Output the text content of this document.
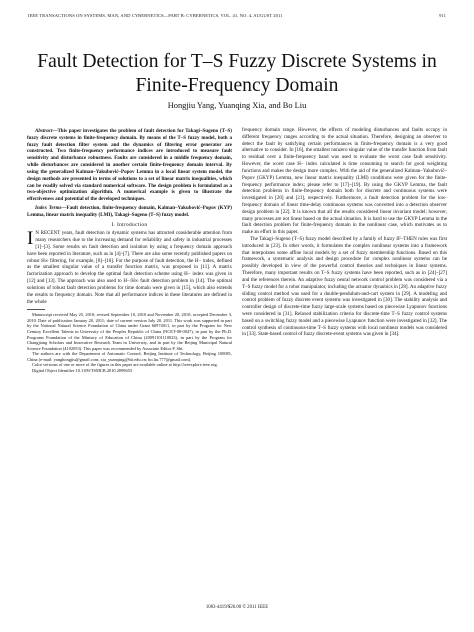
IEEE TRANSACTIONS ON SYSTEMS, MAN, AND CYBERNETICS—PART B: CYBERNETICS, VOL. 41, NO. 4, AUGUST 2011	911
Fault Detection for T–S Fuzzy Discrete Systems in
Finite-Frequency Domain
Hongjiu Yang, Yuanqing Xia, and Bo Liu

Abstract—This paper investigates the problem of fault detection for Takagi–Sugeno (T–S) fuzzy discrete systems in finite-frequency domain. By means of the T–S fuzzy model, both a fuzzy fault detection filter system and the dynamics of filtering error generator are constructed. Two finite-frequency performance indices are introduced to measure fault sensitivity and disturbance robustness. Faults are considered in a middle frequency domain, while disturbances are considered in another certain finite-frequency domain interval. By using the generalized Kalman–Yakubovič–Popov Lemma in a local linear system model, the design methods are presented in terms of solutions to a set of linear matrix inequalities, which can be readily solved via standard numerical software. The design problem is formulated as a two-objective optimization algorithm. A numerical example is given to illustrate the effectiveness and potential of the developed techniques.

Index Terms—Fault detection, finite-frequency domain, Kalman–Yakubovič–Popov (KYP) Lemma, linear matrix inequality (LMI), Takagi–Sugeno (T–S) fuzzy model.

I. Introduction

I N RECENT years, fault detection in dynamic systems has attracted considerable attention from many researchers due to the increasing demand for reliability and safety in industrial processes [1]–[3]. Some results on fault detection and isolation by using a frequency domain approach have been reported in literature, such as in [4]–[7]. There are also some recently published papers on robust H∞ filtering, for example, [8]–[10]. For the purpose of fault detection, the H− index, defined as the smallest singular value of a transfer function matrix, was proposed in [11]. A matrix factorization approach to develop the optimal fault detection scheme using H− index was given in [12] and [13]. The approach was also used to H−/H∞ fault detection problem in [14]. The optimal solutions of robust fault detection problems for time domain were given in [15], which also extends the results to frequency domain. Note that all performance indices in these literatures are defined in the whole

Manuscript received May 25, 2010; revised September 10, 2010 and November 20, 2010; accepted December 3, 2010. Date of publication January 20, 2011; date of current version July 20, 2011. This work was supported in part by the National Natural Science Foundation of China under Grant 60974011, in part by the Program for New Century Excellent Talents in University of the Peoples Republic of China (NCET-08-0047), in part by the Ph.D. Programs Foundation of the Ministry of Education of China (20091101110023), in part by the Program for Changjiang Scholars and Innovative Research Team in University, and in part by the Beijing Municipal Natural Science Foundation (4102053). This paper was recommended by Associate Editor P. Shi.

The authors are with the Department of Automatic Control, Beijing Institute of Technology, Beijing 100081, China (e-mail: yanghongjiu@gmail.com; xia_yuanqing@bit.edu.cn; bo.liu.777@gmail.com).

Color versions of one or more of the figures in this paper are available online at http://ieeexplore.ieee.org.

Digital Object Identifier 10.1109/TSMCB.2010.2099653

frequency domain range. However, the effects of modeling disturbances and faults occupy in different frequency ranges according to the actual situation. Therefore, designing an observer to detect the fault by satisfying certain performances in finite-frequency domain is a very good alternative to consider. In [16], the smallest nonzero singular value of the transfer function from fault to residual over a finite-frequency band was used to evaluate the worst case fault sensitivity. However, the worst case H− index calculated is time consuming to search for good weighting functions and makes the design more complex. With the aid of the generalized Kalman–Yakubovič–Popov (GKYP) Lemma, new linear matrix inequality (LMI) conditions were given for the finite-frequency performance index; please refer to [17]–[19]. By using the GKYP Lemma, the fault detection problems in finite-frequency domain both for discrete and continuous systems were investigated in [20] and [21], respectively. Furthermore, a fault detection problem for the low-frequency domain of linear time-delay continuous systems was converted into a detection observer design problem in [22]. It is known that all the results considered linear invariant model; however, many processes are not linear based on the actual situation. It is hard to use the GKYP Lemma in the fault detection problem for finite-frequency domain in the nonlinear case, which motivates us to make an effort in this paper.

The Takagi–Sugeno (T–S) fuzzy model described by a family of fuzzy IF–THEN rules was first introduced in [23]. In other words, it formulates the complex nonlinear systems into a framework that interpolates some affine local models by a set of fuzzy membership functions. Based on this framework, a systematic analysis and design procedure for complex nonlinear systems can be possibly developed in view of the powerful control theories and techniques in linear systems. Therefore, many important results on T–S fuzzy systems have been reported, such as in [24]–[27] and the references therein. An adaptive fuzzy neural network control problem was considered via a T–S fuzzy model for a robot manipulator, including the actuator dynamics in [28]. An adaptive fuzzy sliding control method was used for a double-pendulum-and-cart system in [29]. A modeling and control problem of fuzzy discrete event systems was investigated in [30]. The stability analysis and controller design of discrete-time fuzzy large-scale systems based on piecewise Lyapunov functions were considered in [31]. Relaxed stabilization criteria for discrete-time T–S fuzzy control systems based on a switching fuzzy model and a piecewise Lyapunov function were investigated in [32]. The control synthesis of continuous-time T–S fuzzy systems with local nonlinear models was considered in [33]. State-based control of fuzzy discrete-event systems was given in [34].

1083-4419/$26.00 © 2011 IEEE
